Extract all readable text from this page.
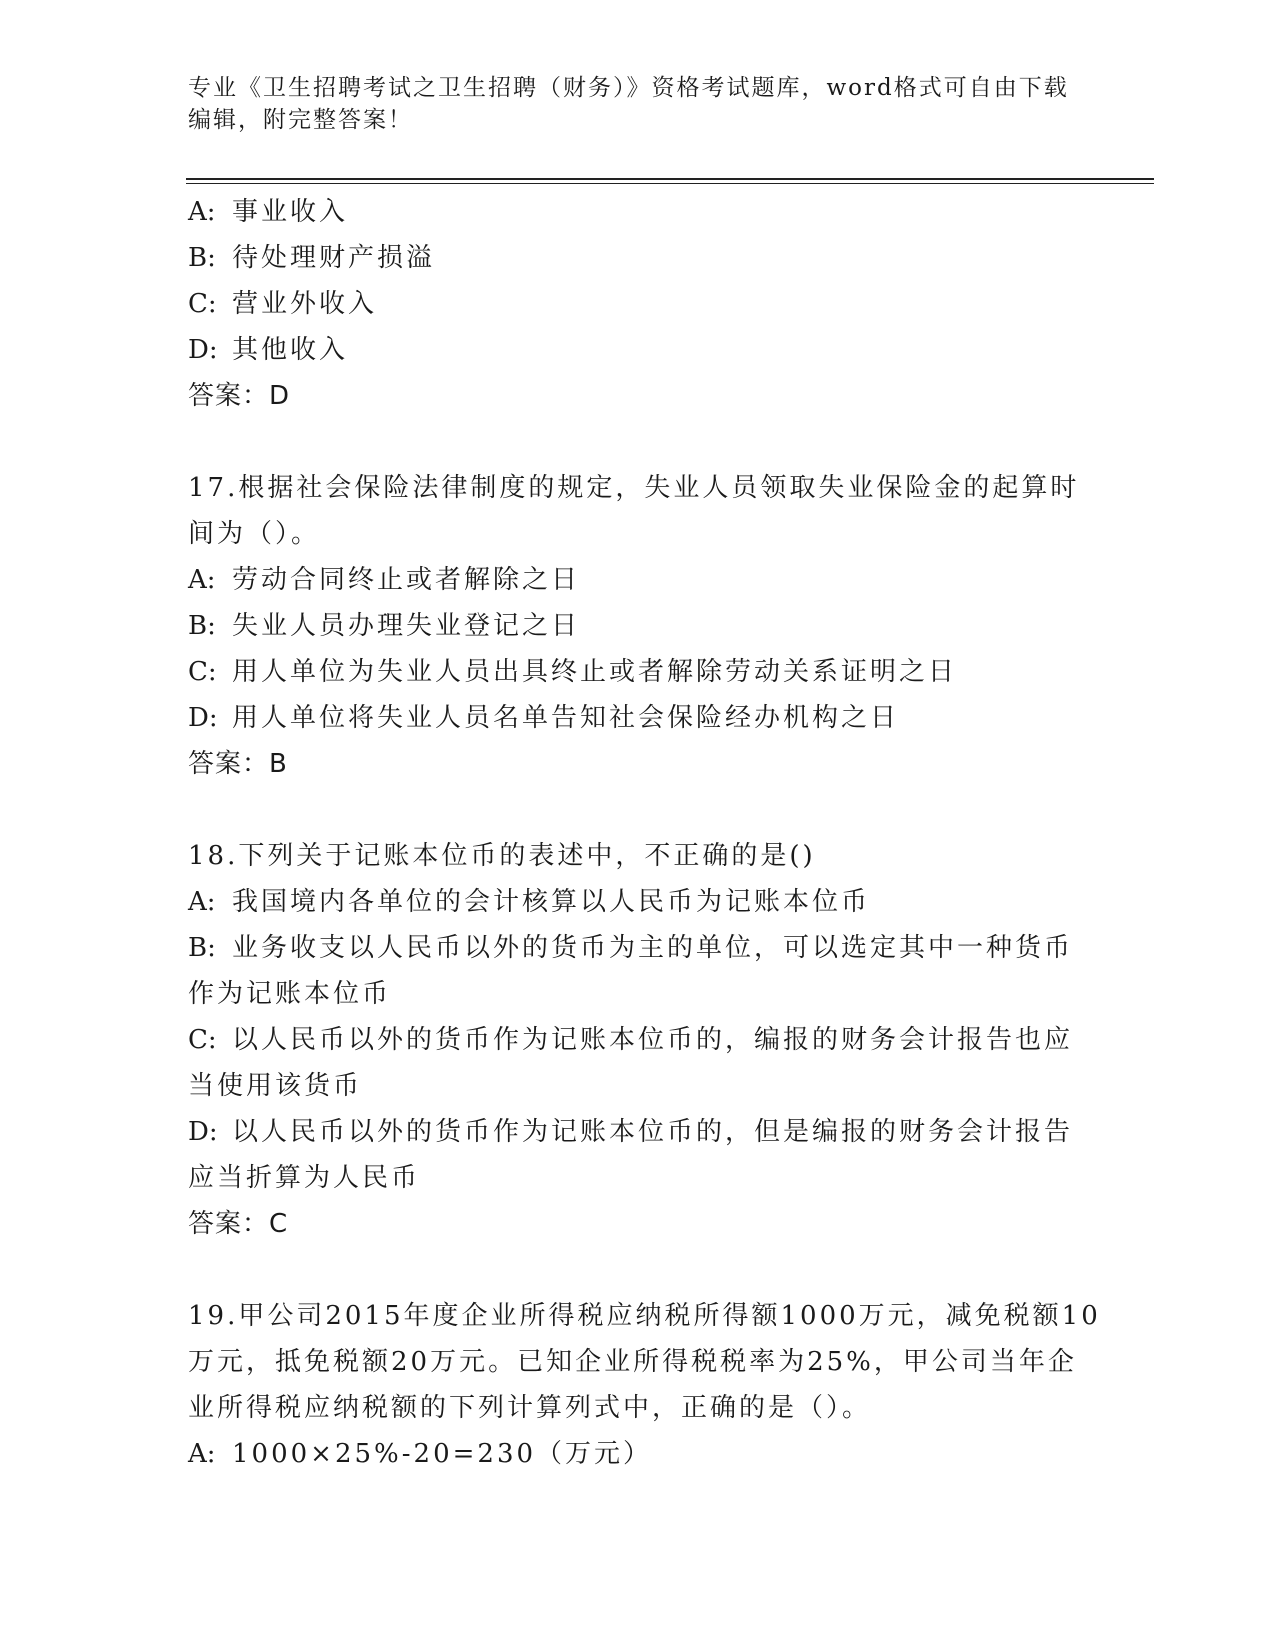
专业《卫生招聘考试之卫生招聘（财务）》资格考试题库，word格式可自由下载
编辑，附完整答案！
A: 事业收入
B: 待处理财产损溢
C: 营业外收入
D: 其他收入
答案：D
17.根据社会保险法律制度的规定，失业人员领取失业保险金的起算时
间为（）。
A: 劳动合同终止或者解除之日
B: 失业人员办理失业登记之日
C: 用人单位为失业人员出具终止或者解除劳动关系证明之日
D: 用人单位将失业人员名单告知社会保险经办机构之日
答案：B
18.下列关于记账本位币的表述中，不正确的是()
A: 我国境内各单位的会计核算以人民币为记账本位币
B: 业务收支以人民币以外的货币为主的单位，可以选定其中一种货币
作为记账本位币
C: 以人民币以外的货币作为记账本位币的，编报的财务会计报告也应
当使用该货币
D: 以人民币以外的货币作为记账本位币的，但是编报的财务会计报告
应当折算为人民币
答案：C
19.甲公司2015年度企业所得税应纳税所得额1000万元，减免税额10
万元，抵免税额20万元。已知企业所得税税率为25%，甲公司当年企
业所得税应纳税额的下列计算列式中，正确的是（）。
A: 1000×25%-20=230（万元）
